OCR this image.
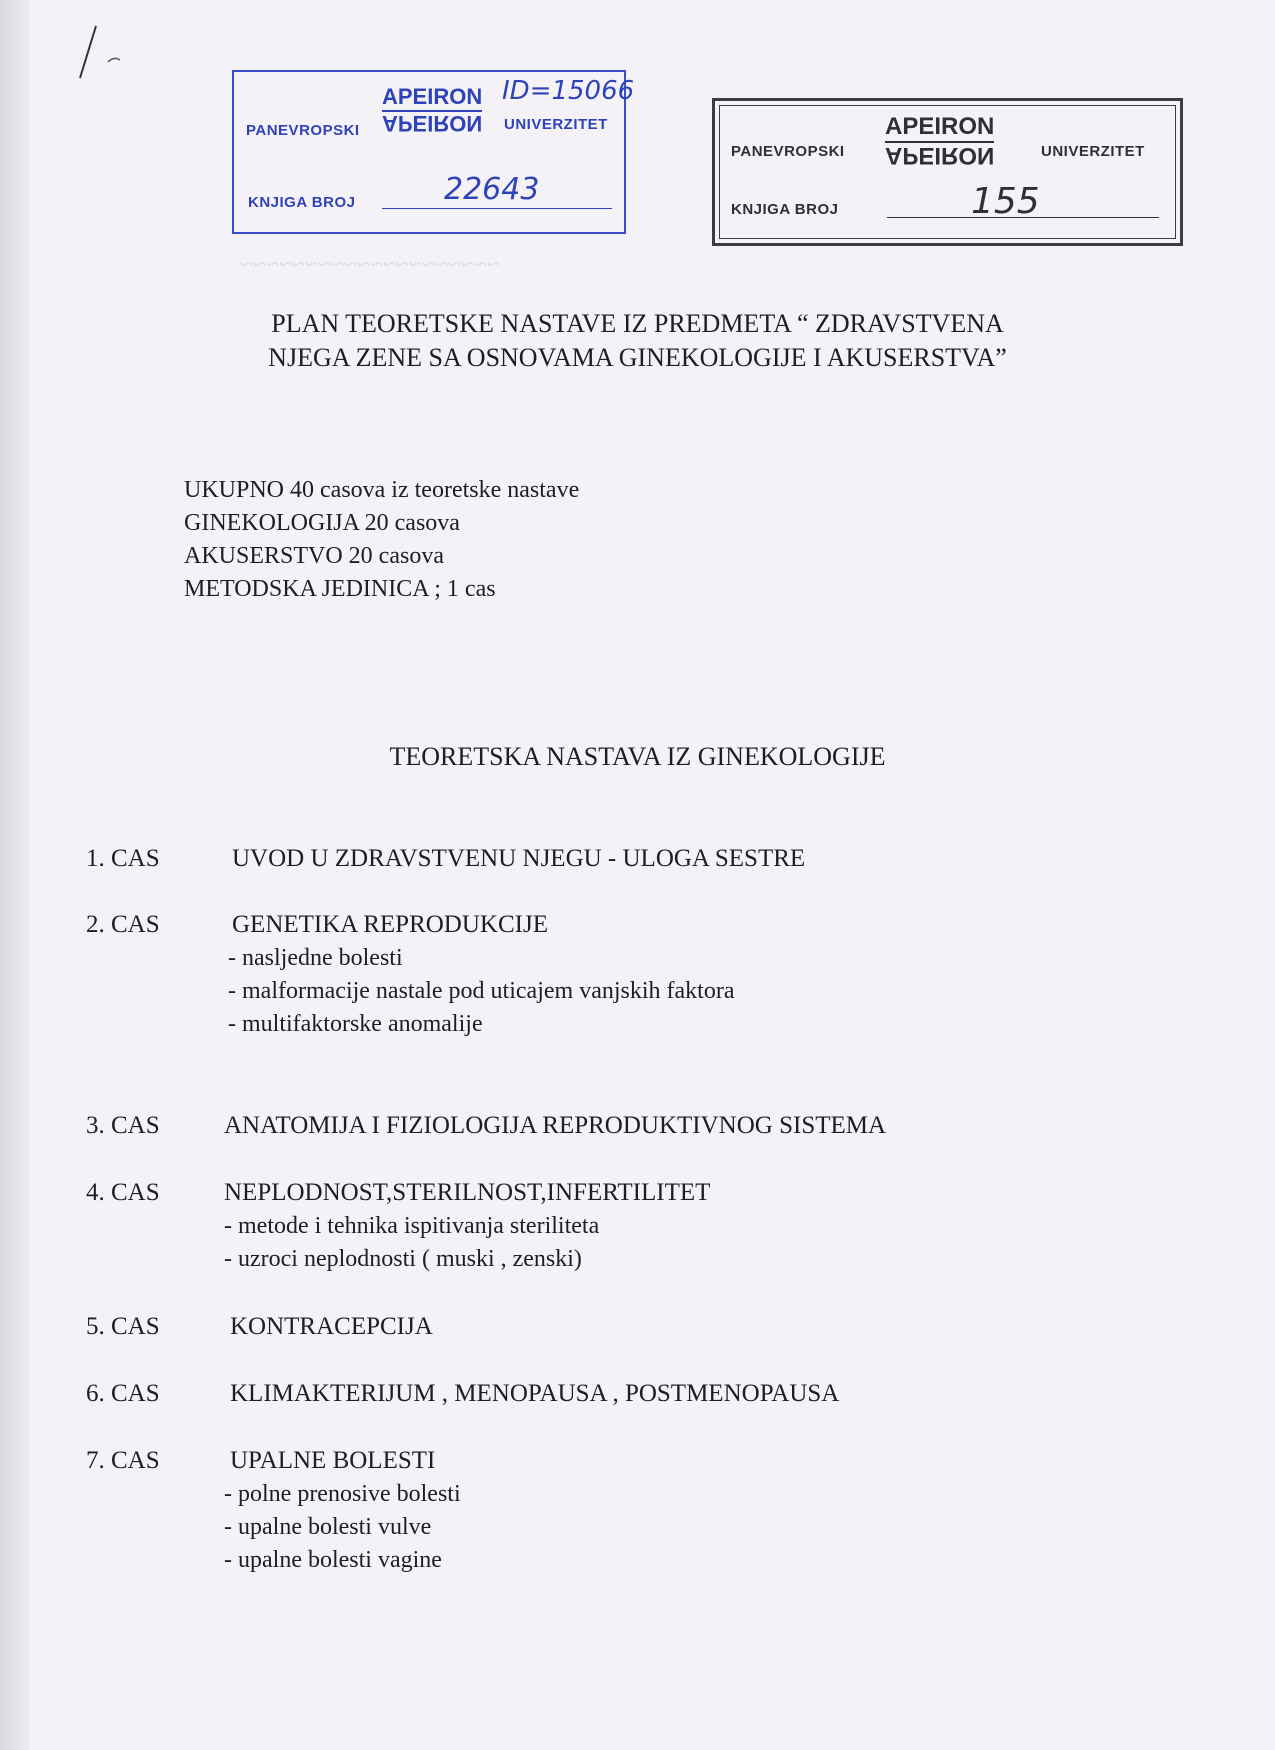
~~~~~~~~~~~~~~~~~~~~
PANEVROPSKI
APEIRON
APEIRON UNIVERZITET
ID=15066
KNJIGA BROJ	22643
PANEVROPSKI
APEIRON
APEIRON	UNIVERZITET
KNJIGA BROJ	155
PLAN TEORETSKE NASTAVE IZ PREDMETA “ ZDRAVSTVENA
NJEGA ZENE SA OSNOVAMA GINEKOLOGIJE I AKUSERSTVA”
UKUPNO 40 casova iz teoretske nastave
GINEKOLOGIJA 20 casova
AKUSERSTVO 20 casova
METODSKA JEDINICA ; 1 cas
TEORETSKA NASTAVA IZ GINEKOLOGIJE
1. CAS	UVOD U ZDRAVSTVENU NJEGU - ULOGA SESTRE
2. CAS	GENETIKA REPRODUKCIJE
- nasljedne bolesti
- malformacije nastale pod uticajem vanjskih faktora
- multifaktorske anomalije
3. CAS	ANATOMIJA I FIZIOLOGIJA REPRODUKTIVNOG SISTEMA
4. CAS	NEPLODNOST,STERILNOST,INFERTILITET
- metode i tehnika ispitivanja steriliteta
- uzroci neplodnosti ( muski , zenski)
5. CAS	KONTRACEPCIJA
6. CAS	KLIMAKTERIJUM , MENOPAUSA , POSTMENOPAUSA
7. CAS	UPALNE BOLESTI
- polne prenosive bolesti
- upalne bolesti vulve
- upalne bolesti vagine
